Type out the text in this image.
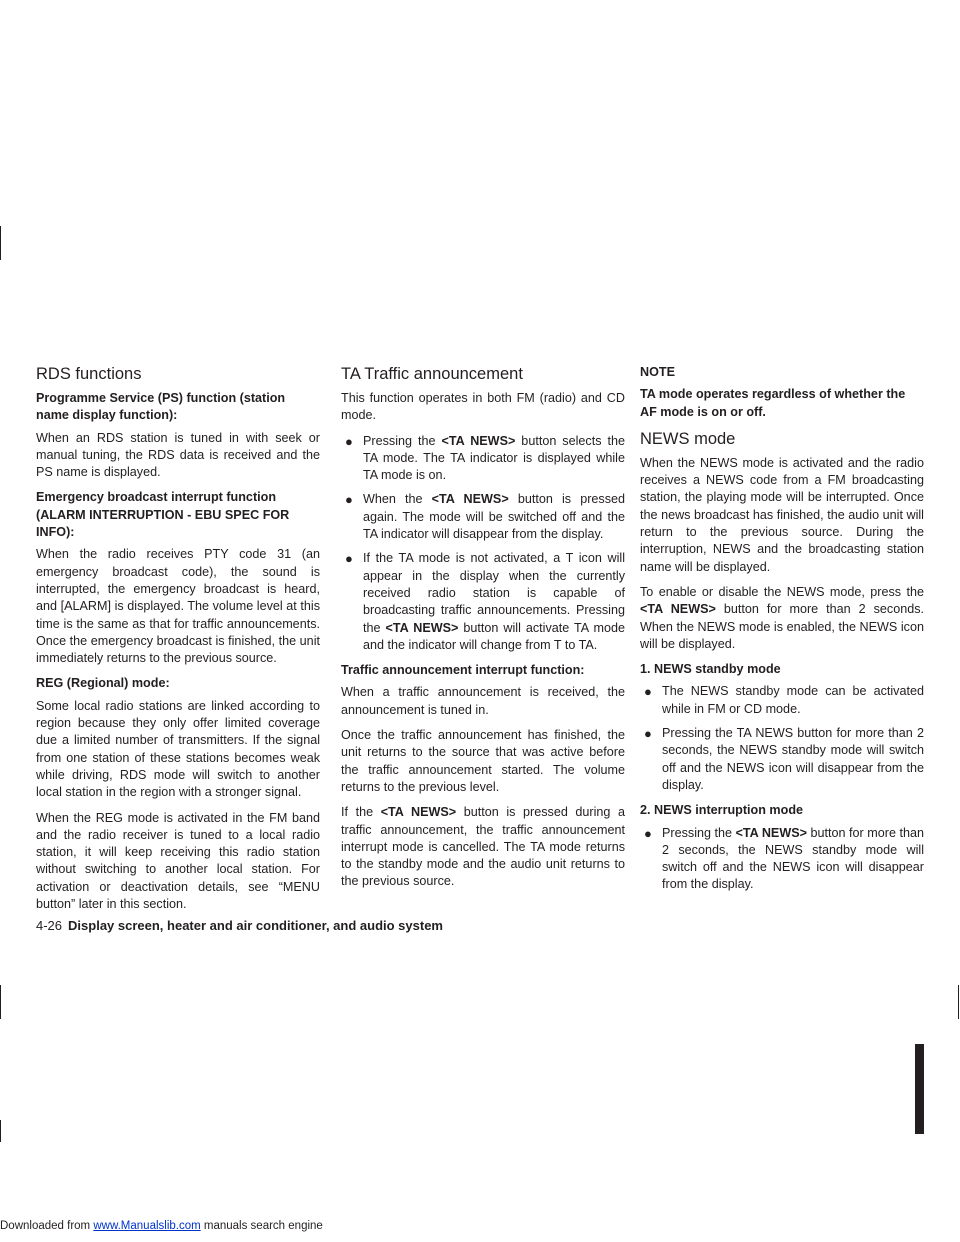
RDS functions

Programme Service (PS) function (station name display function):

When an RDS station is tuned in with seek or manual tuning, the RDS data is received and the PS name is displayed.

Emergency broadcast interrupt function (ALARM INTERRUPTION - EBU SPEC FOR INFO):

When the radio receives PTY code 31 (an emergency broadcast code), the sound is interrupted, the emergency broadcast is heard, and [ALARM] is displayed. The volume level at this time is the same as that for traffic announcements. Once the emergency broadcast is finished, the unit immediately returns to the previous source.

REG (Regional) mode:

Some local radio stations are linked according to region because they only offer limited coverage due a limited number of transmitters. If the signal from one station of these stations becomes weak while driving, RDS mode will switch to another local station in the region with a stronger signal.

When the REG mode is activated in the FM band and the radio receiver is tuned to a local radio station, it will keep receiving this radio station without switching to another local station. For activation or deactivation details, see “MENU button” later in this section.

TA Traffic announcement

This function operates in both FM (radio) and CD mode.

● Pressing the <TA NEWS> button selects the TA mode. The TA indicator is displayed while TA mode is on.
● When the <TA NEWS> button is pressed again. The mode will be switched off and the TA indicator will disappear from the display.
● If the TA mode is not activated, a T icon will appear in the display when the currently received radio station is capable of broadcasting traffic announcements. Pressing the <TA NEWS> button will activate TA mode and the indicator will change from T to TA.

Traffic announcement interrupt function:

When a traffic announcement is received, the announcement is tuned in.

Once the traffic announcement has finished, the unit returns to the source that was active before the traffic announcement started. The volume returns to the previous level.

If the <TA NEWS> button is pressed during a traffic announcement, the traffic announcement interrupt mode is cancelled. The TA mode returns to the standby mode and the audio unit returns to the previous source.

NOTE

TA mode operates regardless of whether the AF mode is on or off.

NEWS mode

When the NEWS mode is activated and the radio receives a NEWS code from a FM broadcasting station, the playing mode will be interrupted. Once the news broadcast has finished, the audio unit will return to the previous source. During the interruption, NEWS and the broadcasting station name will be displayed.

To enable or disable the NEWS mode, press the <TA NEWS> button for more than 2 seconds. When the NEWS mode is enabled, the NEWS icon will be displayed.

1. NEWS standby mode

● The NEWS standby mode can be activated while in FM or CD mode.
● Pressing the TA NEWS button for more than 2 seconds, the NEWS standby mode will switch off and the NEWS icon will disappear from the display.

2. NEWS interruption mode

● Pressing the <TA NEWS> button for more than 2 seconds, the NEWS standby mode will switch off and the NEWS icon will disappear from the display.
4-26 Display screen, heater and air conditioner, and audio system
Downloaded from www.Manualslib.com manuals search engine
